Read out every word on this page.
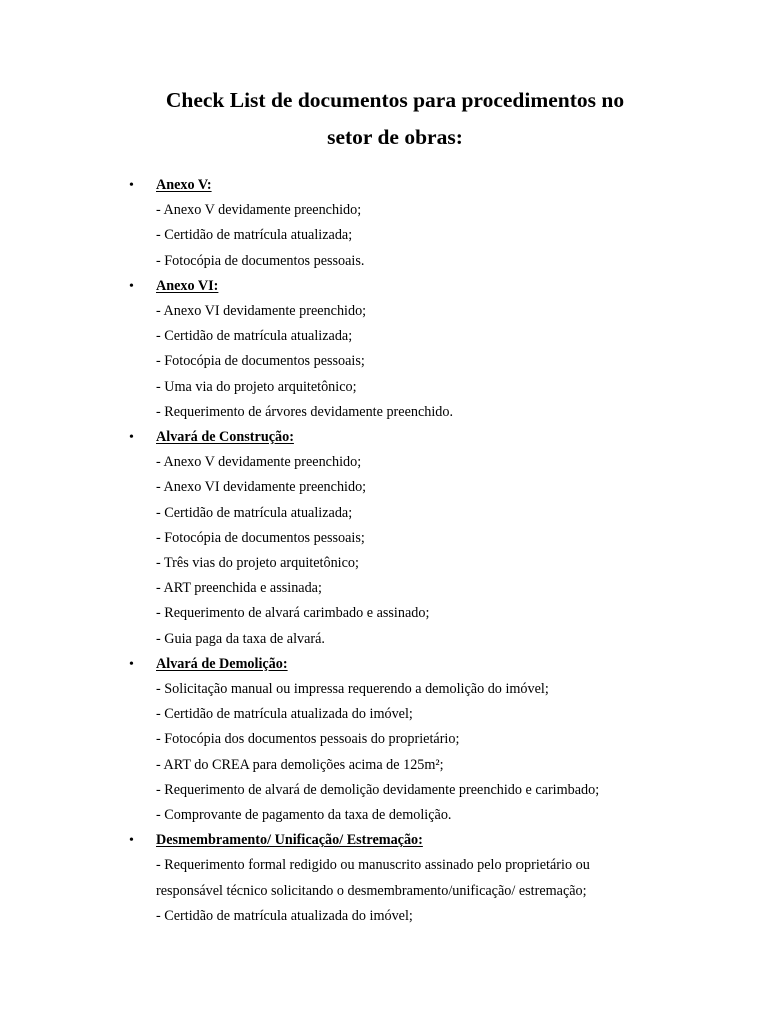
Check List de documentos para procedimentos no
setor de obras:
• Anexo V:
- Anexo V devidamente preenchido;
- Certidão de matrícula atualizada;
- Fotocópia de documentos pessoais.
• Anexo VI:
- Anexo VI devidamente preenchido;
- Certidão de matrícula atualizada;
- Fotocópia de documentos pessoais;
- Uma via do projeto arquitetônico;
- Requerimento de árvores devidamente preenchido.
• Alvará de Construção:
- Anexo V devidamente preenchido;
- Anexo VI devidamente preenchido;
- Certidão de matrícula atualizada;
- Fotocópia de documentos pessoais;
- Três vias do projeto arquitetônico;
- ART preenchida e assinada;
- Requerimento de alvará carimbado e assinado;
- Guia paga da taxa de alvará.
• Alvará de Demolição:
- Solicitação manual ou impressa requerendo a demolição do imóvel;
- Certidão de matrícula atualizada do imóvel;
- Fotocópia dos documentos pessoais do proprietário;
- ART do CREA para demolições acima de 125m²;
- Requerimento de alvará de demolição devidamente preenchido e carimbado;
- Comprovante de pagamento da taxa de demolição.
• Desmembramento/ Unificação/ Estremação:
- Requerimento formal redigido ou manuscrito assinado pelo proprietário ou responsável técnico solicitando o desmembramento/unificação/ estremação;
- Certidão de matrícula atualizada do imóvel;
